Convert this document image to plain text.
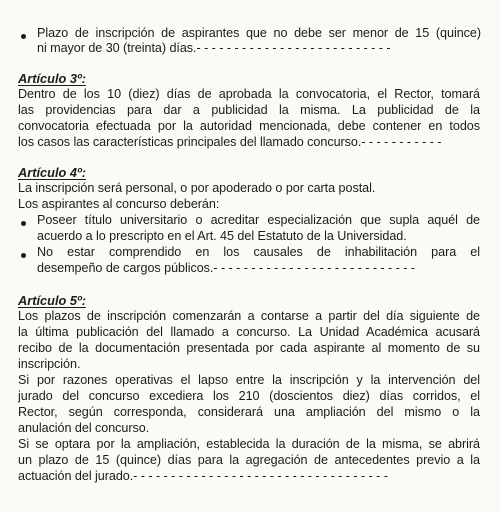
Plazo de inscripción de aspirantes que no debe ser menor de 15 (quince)
ni mayor de 30 (treinta) días.- - - - - - - - - - - - - - - - - - - - - - - - - -
Artículo 3º:
Dentro de los 10 (diez) días de aprobada la convocatoria, el Rector, tomará
las providencias para dar a publicidad la misma. La publicidad de la
convocatoria efectuada por la autoridad mencionada, debe contener en todos
los casos las características principales del llamado concurso.- - - - - - - - - - -
Artículo 4º:
La inscripción será personal, o por apoderado o por carta postal.
Los aspirantes al concurso deberán:
Poseer título universitario o acreditar especialización que supla aquél de
acuerdo a lo prescripto en el Art. 45 del Estatuto de la Universidad.
No estar comprendido en los causales de inhabilitación para el
desempeño de cargos públicos.- - - - - - - - - - - - - - - - - - - - - - - - - - -
Artículo 5º:
Los plazos de inscripción comenzarán a contarse a partir del día siguiente de
la última publicación del llamado a concurso. La Unidad Académica acusará
recibo de la documentación presentada por cada aspirante al momento de su
inscripción.
Si por razones operativas el lapso entre la inscripción y la intervención del
jurado del concurso excediera los 210 (doscientos diez) días corridos, el
Rector, según corresponda, considerará una ampliación del mismo o la
anulación del concurso.
Si se optara por la ampliación, establecida la duración de la misma, se abrirá
un plazo de 15 (quince) días para la agregación de antecedentes previo a la
actuación del jurado.- - - - - - - - - - - - - - - - - - - - - - - - - - - - - - - - - -
